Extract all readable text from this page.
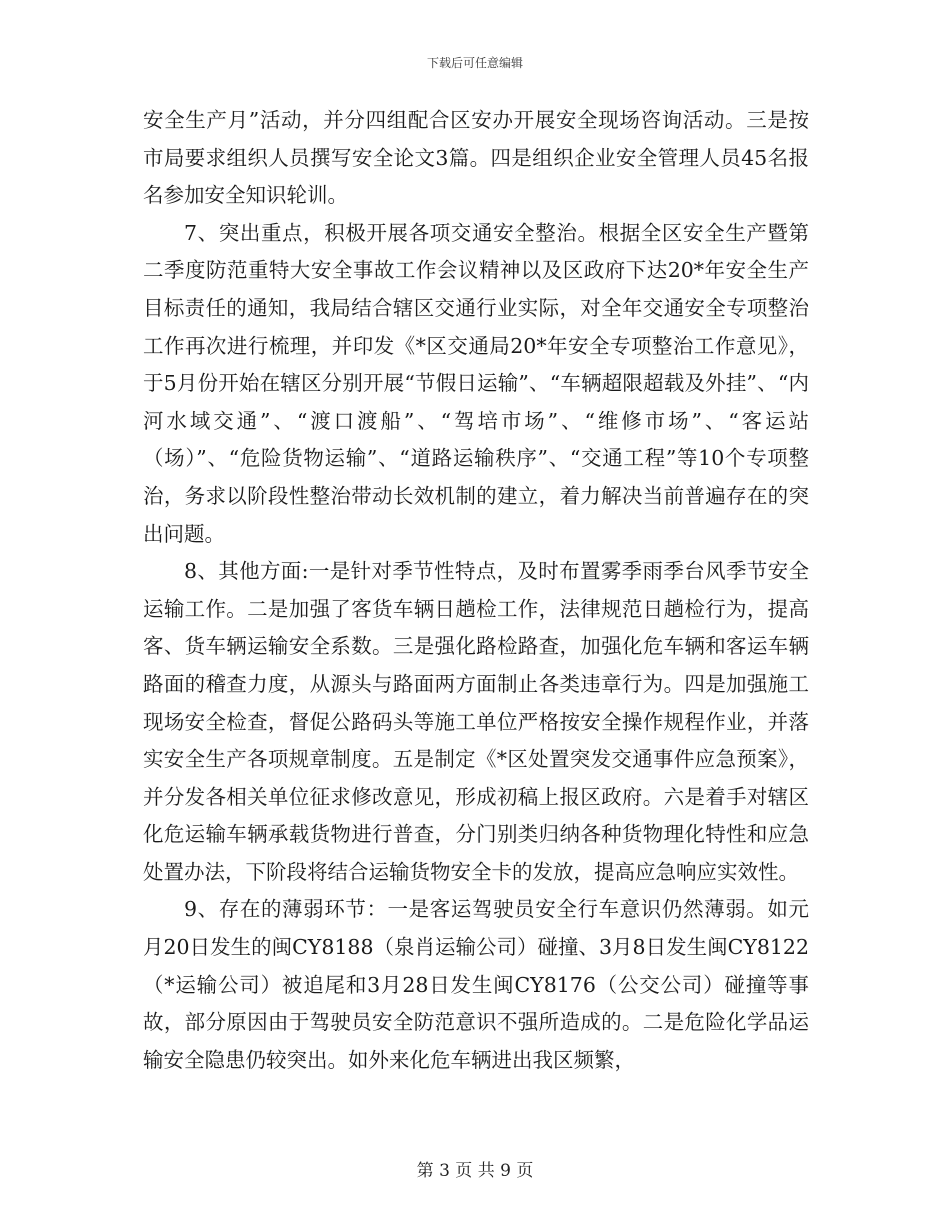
下载后可任意编辑

安全生产月”活动，并分四组配合区安办开展安全现场咨询活动。三是按市局要求组织人员撰写安全论文3篇。四是组织企业安全管理人员45名报名参加安全知识轮训。

7、突出重点，积极开展各项交通安全整治。根据全区安全生产暨第二季度防范重特大安全事故工作会议精神以及区政府下达20*年安全生产目标责任的通知，我局结合辖区交通行业实际，对全年交通安全专项整治工作再次进行梳理，并印发《*区交通局20*年安全专项整治工作意见》，于5月份开始在辖区分别开展“节假日运输”、“车辆超限超载及外挂”、“内河水域交通”、“渡口渡船”、“驾培市场”、“维修市场”、“客运站（场）”、“危险货物运输”、“道路运输秩序”、“交通工程”等10个专项整治，务求以阶段性整治带动长效机制的建立，着力解决当前普遍存在的突出问题。

8、其他方面:一是针对季节性特点，及时布置雾季雨季台风季节安全运输工作。二是加强了客货车辆日趟检工作，法律规范日趟检行为，提高客、货车辆运输安全系数。三是强化路检路查，加强化危车辆和客运车辆路面的稽查力度，从源头与路面两方面制止各类违章行为。四是加强施工现场安全检查，督促公路码头等施工单位严格按安全操作规程作业，并落实安全生产各项规章制度。五是制定《*区处置突发交通事件应急预案》，并分发各相关单位征求修改意见，形成初稿上报区政府。六是着手对辖区化危运输车辆承载货物进行普查，分门别类归纳各种货物理化特性和应急处置办法，下阶段将结合运输货物安全卡的发放，提高应急响应实效性。

9、存在的薄弱环节：一是客运驾驶员安全行车意识仍然薄弱。如元月20日发生的闽CY8188（泉肖运输公司）碰撞、3月8日发生闽CY8122（*运输公司）被追尾和3月28日发生闽CY8176（公交公司）碰撞等事故，部分原因由于驾驶员安全防范意识不强所造成的。二是危险化学品运输安全隐患仍较突出。如外来化危车辆进出我区频繁，

第 3 页 共 9 页
